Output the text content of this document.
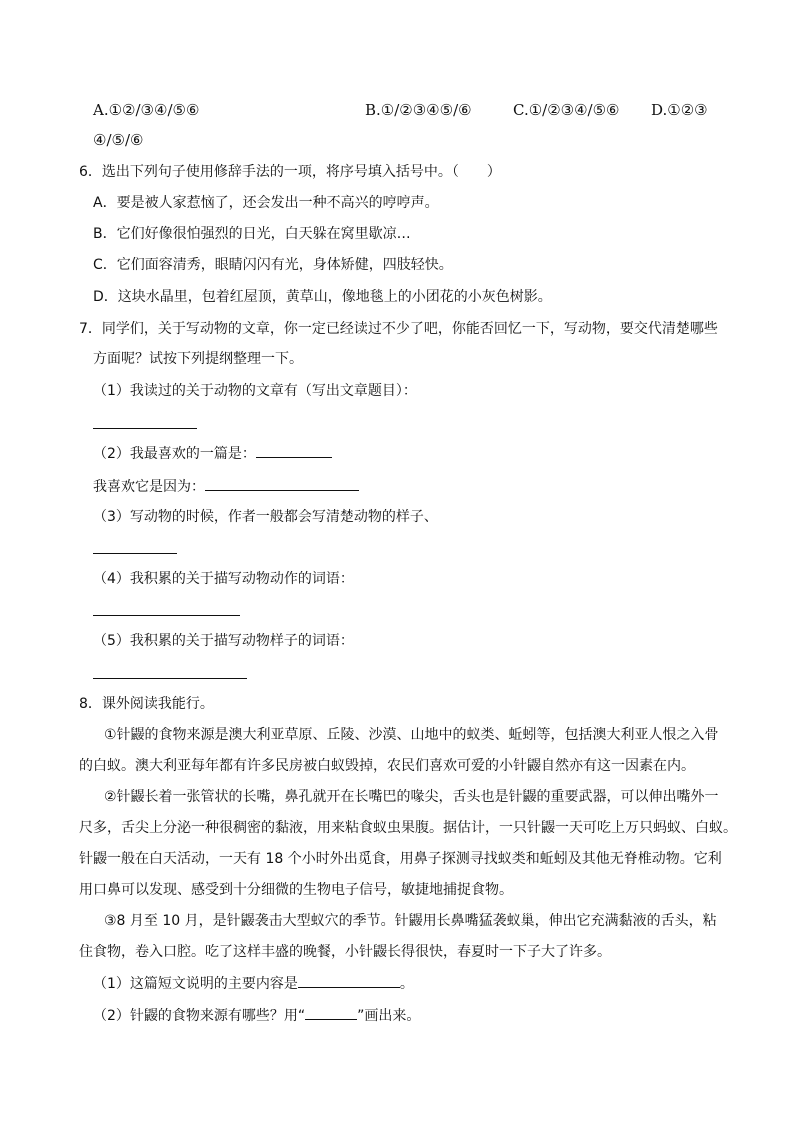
A.①②/③④/⑤⑥	B.①/②③④⑤/⑥	C.①/②③④/⑤⑥ D.①②③
④/⑤/⑥
6．选出下列句子使用修辞手法的一项，将序号填入括号中。（　　）
A．要是被人家惹恼了，还会发出一种不高兴的哼哼声。
B．它们好像很怕强烈的日光，白天躲在窝里歇凉…
C．它们面容清秀，眼睛闪闪有光，身体矫健，四肢轻快。
D．这块水晶里，包着红屋顶，黄草山，像地毯上的小团花的小灰色树影。
7．同学们，关于写动物的文章，你一定已经读过不少了吧，你能否回忆一下，写动物，要交代清楚哪些
方面呢？试按下列提纲整理一下。
（1）我读过的关于动物的文章有（写出文章题目）：
（2）我最喜欢的一篇是：
我喜欢它是因为：
（3）写动物的时候，作者一般都会写清楚动物的样子、
（4）我积累的关于描写动物动作的词语：
（5）我积累的关于描写动物样子的词语：
8．课外阅读我能行。
①针鼹的食物来源是澳大利亚草原、丘陵、沙漠、山地中的蚁类、蚯蚓等，包括澳大利亚人恨之入骨
的白蚁。澳大利亚每年都有许多民房被白蚁毁掉，农民们喜欢可爱的小针鼹自然亦有这一因素在内。
②针鼹长着一张管状的长嘴，鼻孔就开在长嘴巴的喙尖，舌头也是针鼹的重要武器，可以伸出嘴外一
尺多，舌尖上分泌一种很稠密的黏液，用来粘食蚁虫果腹。据估计，一只针鼹一天可吃上万只蚂蚁、白蚁。
针鼹一般在白天活动，一天有 18 个小时外出觅食，用鼻子探测寻找蚁类和蚯蚓及其他无脊椎动物。它利
用口鼻可以发现、感受到十分细微的生物电子信号，敏捷地捕捉食物。
③8 月至 10 月，是针鼹袭击大型蚁穴的季节。针鼹用长鼻嘴猛袭蚁巢，伸出它充满黏液的舌头，粘
住食物，卷入口腔。吃了这样丰盛的晚餐，小针鼹长得很快，春夏时一下子大了许多。
（1）这篇短文说明的主要内容是	。
（2）针鼹的食物来源有哪些？用“	”画出来。
